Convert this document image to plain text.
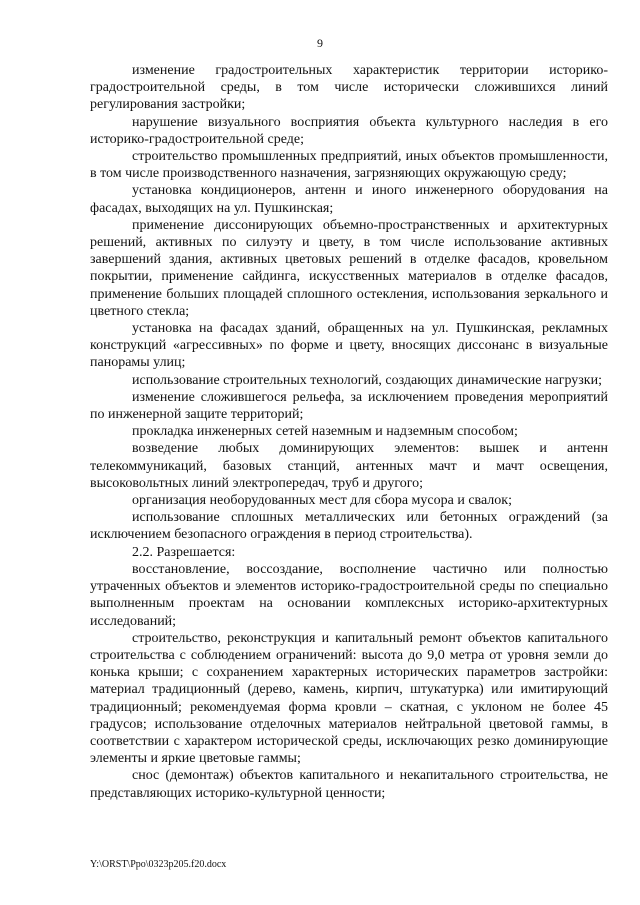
9

изменение градостроительных характеристик территории историко-градостроительной среды, в том числе исторически сложившихся линий регулирования застройки;

нарушение визуального восприятия объекта культурного наследия в его историко-градостроительной среде;

строительство промышленных предприятий, иных объектов промышленности, в том числе производственного назначения, загрязняющих окружающую среду;

установка кондиционеров, антенн и иного инженерного оборудования на фасадах, выходящих на ул. Пушкинская;

применение диссонирующих объемно-пространственных и архитектурных решений, активных по силуэту и цвету, в том числе использование активных завершений здания, активных цветовых решений в отделке фасадов, кровельном покрытии, применение сайдинга, искусственных материалов в отделке фасадов, применение больших площадей сплошного остекления, использования зеркального и цветного стекла;

установка на фасадах зданий, обращенных на ул. Пушкинская, рекламных конструкций «агрессивных» по форме и цвету, вносящих диссонанс в визуальные панорамы улиц;

использование строительных технологий, создающих динамические нагрузки;

изменение сложившегося рельефа, за исключением проведения мероприятий по инженерной защите территорий;

прокладка инженерных сетей наземным и надземным способом;

возведение любых доминирующих элементов: вышек и антенн телекоммуникаций, базовых станций, антенных мачт и мачт освещения, высоковольтных линий электропередач, труб и другого;

организация необорудованных мест для сбора мусора и свалок;

использование сплошных металлических или бетонных ограждений (за исключением безопасного ограждения в период строительства).

2.2. Разрешается:

восстановление, воссоздание, восполнение частично или полностью утраченных объектов и элементов историко-градостроительной среды по специально выполненным проектам на основании комплексных историко-архитектурных исследований;

строительство, реконструкция и капитальный ремонт объектов капитального строительства с соблюдением ограничений: высота до 9,0 метра от уровня земли до конька крыши; с сохранением характерных исторических параметров застройки: материал традиционный (дерево, камень, кирпич, штукатурка) или имитирующий традиционный; рекомендуемая форма кровли – скатная, с уклоном не более 45 градусов; использование отделочных материалов нейтральной цветовой гаммы, в соответствии с характером исторической среды, исключающих резко доминирующие элементы и яркие цветовые гаммы;

снос (демонтаж) объектов капитального и некапитального строительства, не представляющих историко-культурной ценности;

Y:\ORST\Ppo\0323p205.f20.docx
